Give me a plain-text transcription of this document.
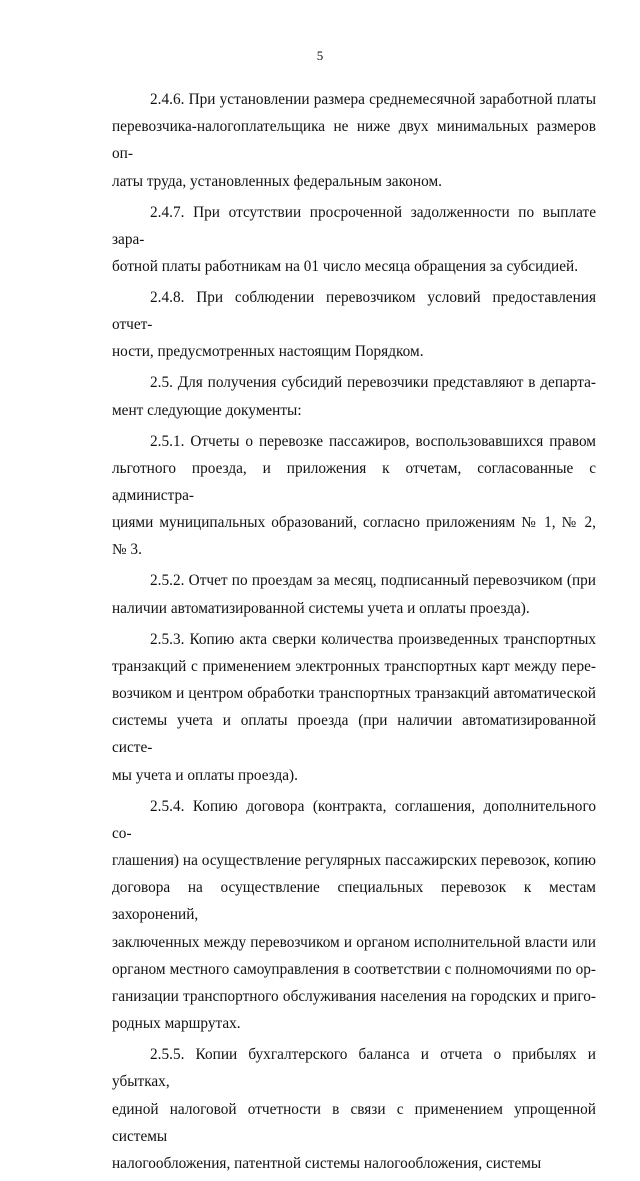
5
2.4.6. При установлении размера среднемесячной заработной платы
перевозчика-налогоплательщика не ниже двух минимальных размеров оп-
латы труда, установленных федеральным законом.
2.4.7. При отсутствии просроченной задолженности по выплате зара-
ботной платы работникам на 01 число месяца обращения за субсидией.
2.4.8. При соблюдении перевозчиком условий предоставления отчет-
ности, предусмотренных настоящим Порядком.
2.5. Для получения субсидий перевозчики представляют в департа-
мент следующие документы:
2.5.1. Отчеты о перевозке пассажиров, воспользовавшихся правом
льготного проезда, и приложения к отчетам, согласованные с администра-
циями муниципальных образований, согласно приложениям № 1, № 2,
№ 3.
2.5.2. Отчет по проездам за месяц, подписанный перевозчиком (при
наличии автоматизированной системы учета и оплаты проезда).
2.5.3. Копию акта сверки количества произведенных транспортных
транзакций с применением электронных транспортных карт между пере-
возчиком и центром обработки транспортных транзакций автоматической
системы учета и оплаты проезда (при наличии автоматизированной систе-
мы учета и оплаты проезда).
2.5.4. Копию договора (контракта, соглашения, дополнительного со-
глашения) на осуществление регулярных пассажирских перевозок, копию
договора на осуществление специальных перевозок к местам захоронений,
заключенных между перевозчиком и органом исполнительной власти или
органом местного самоуправления в соответствии с полномочиями по ор-
ганизации транспортного обслуживания населения на городских и приго-
родных маршрутах.
2.5.5. Копии бухгалтерского баланса и отчета о прибылях и убытках,
единой налоговой отчетности в связи с применением упрощенной системы
налогообложения, патентной системы налогообложения, системы
